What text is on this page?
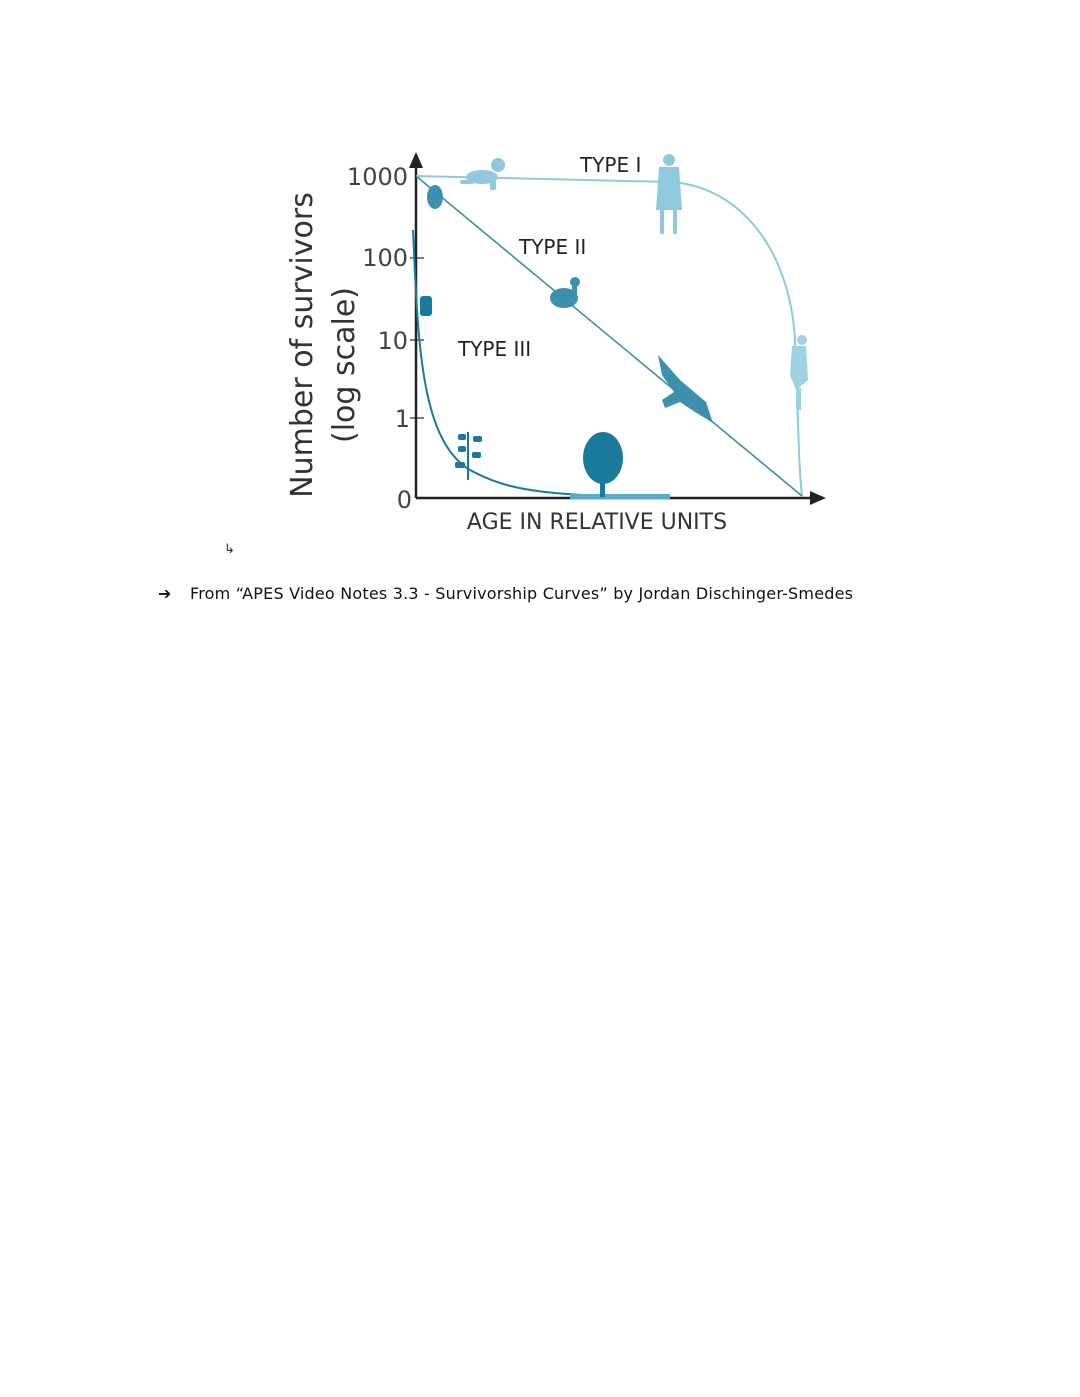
Number of survivors (log scale)
1000
100
10
1
0
AGE IN RELATIVE UNITS
TYPE I
TYPE II
TYPE III
↳
➔	From “APES Video Notes 3.3 - Survivorship Curves” by Jordan Dischinger-Smedes
